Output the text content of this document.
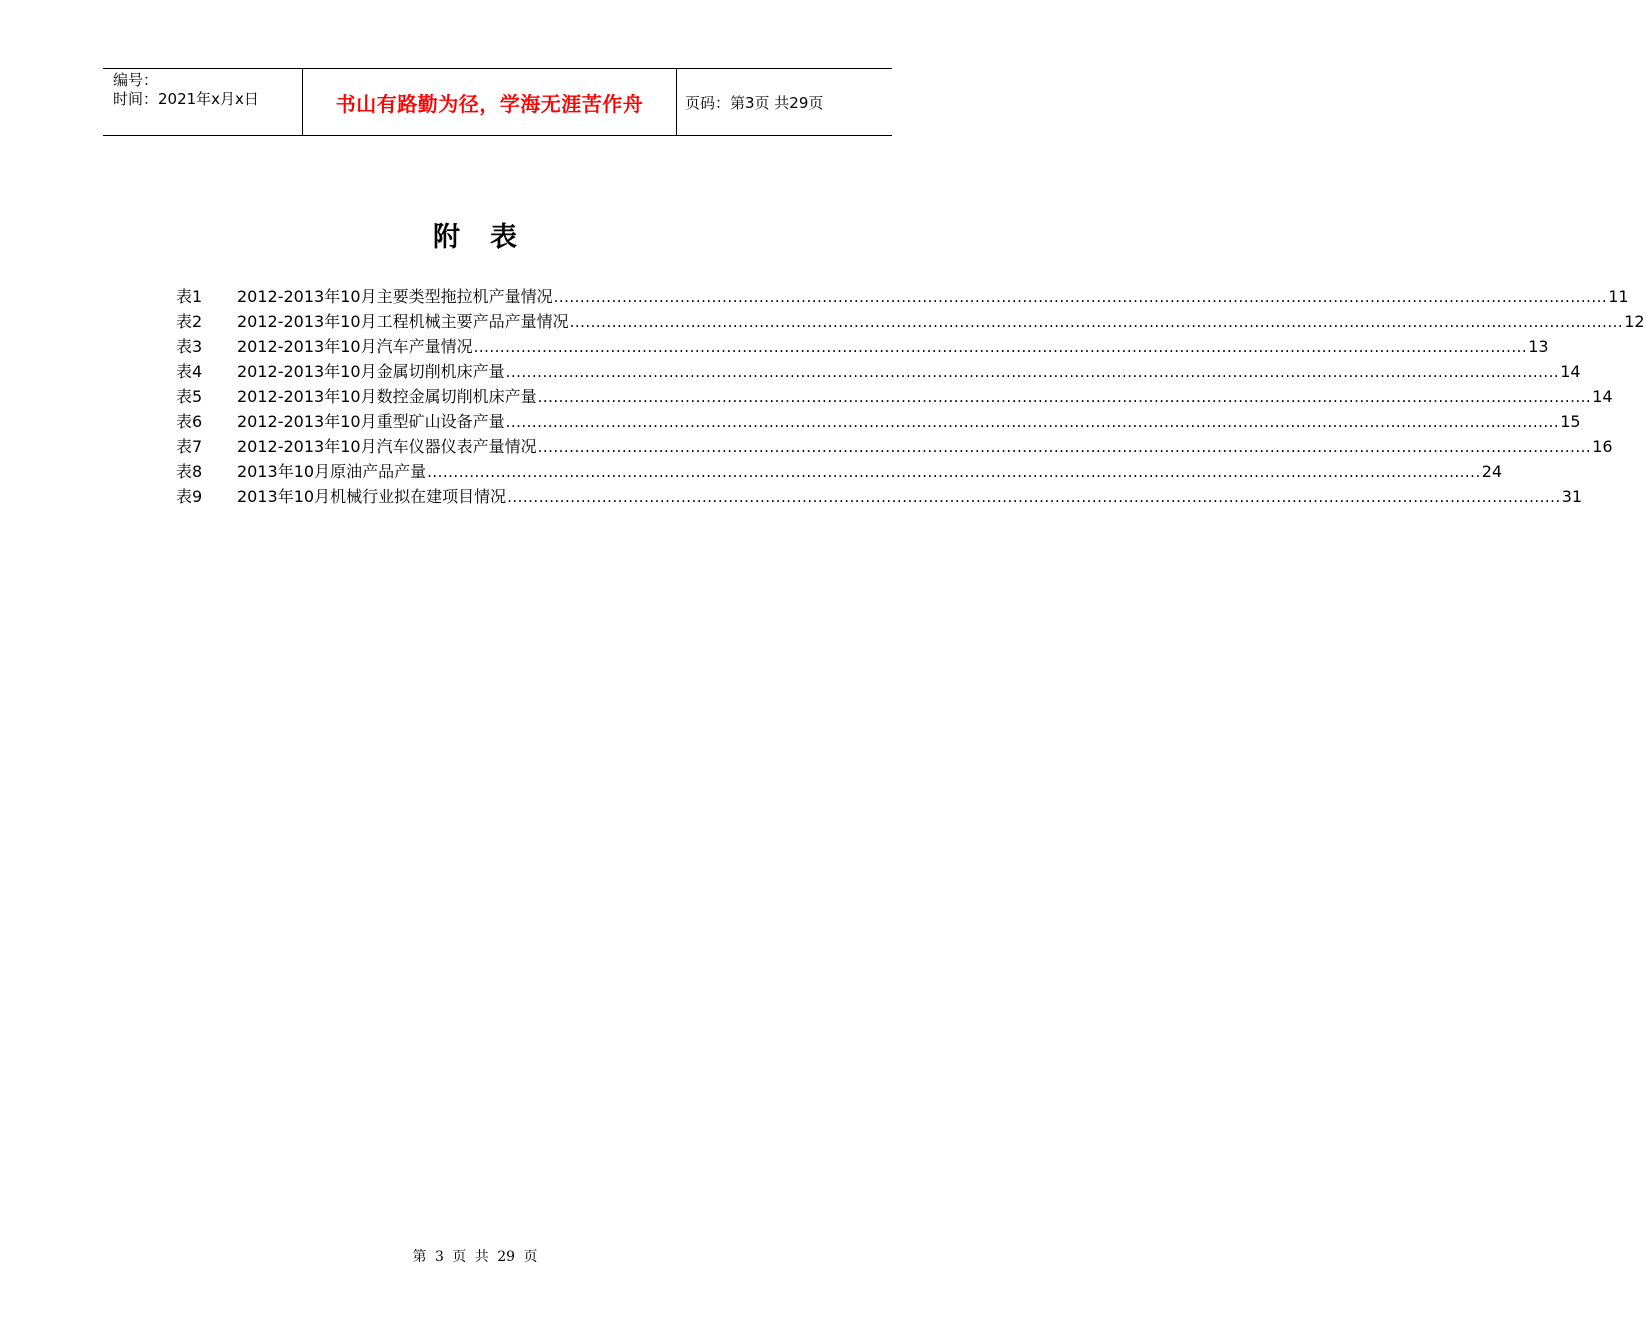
编号：
时间：2021年x月x日	书山有路勤为径，学海无涯苦作舟	页码：第3页 共29页
附表
表1	2012-2013年10月主要类型拖拉机产量情况 ........................................................................................................................................................................................................ 11
表2	2012-2013年10月工程机械主要产品产量情况 ........................................................................................................................................................................................................ 12
表3	2012-2013年10月汽车产量情况 ........................................................................................................................................................................................................ 13
表4	2012-2013年10月金属切削机床产量 ........................................................................................................................................................................................................ 14
表5	2012-2013年10月数控金属切削机床产量 ........................................................................................................................................................................................................ 14
表6	2012-2013年10月重型矿山设备产量 ........................................................................................................................................................................................................ 15
表7	2012-2013年10月汽车仪器仪表产量情况 ........................................................................................................................................................................................................ 16
表8	2013年10月原油产品产量 ........................................................................................................................................................................................................ 24
表9	2013年10月机械行业拟在建项目情况 ........................................................................................................................................................................................................ 31
第 3 页 共 29 页
